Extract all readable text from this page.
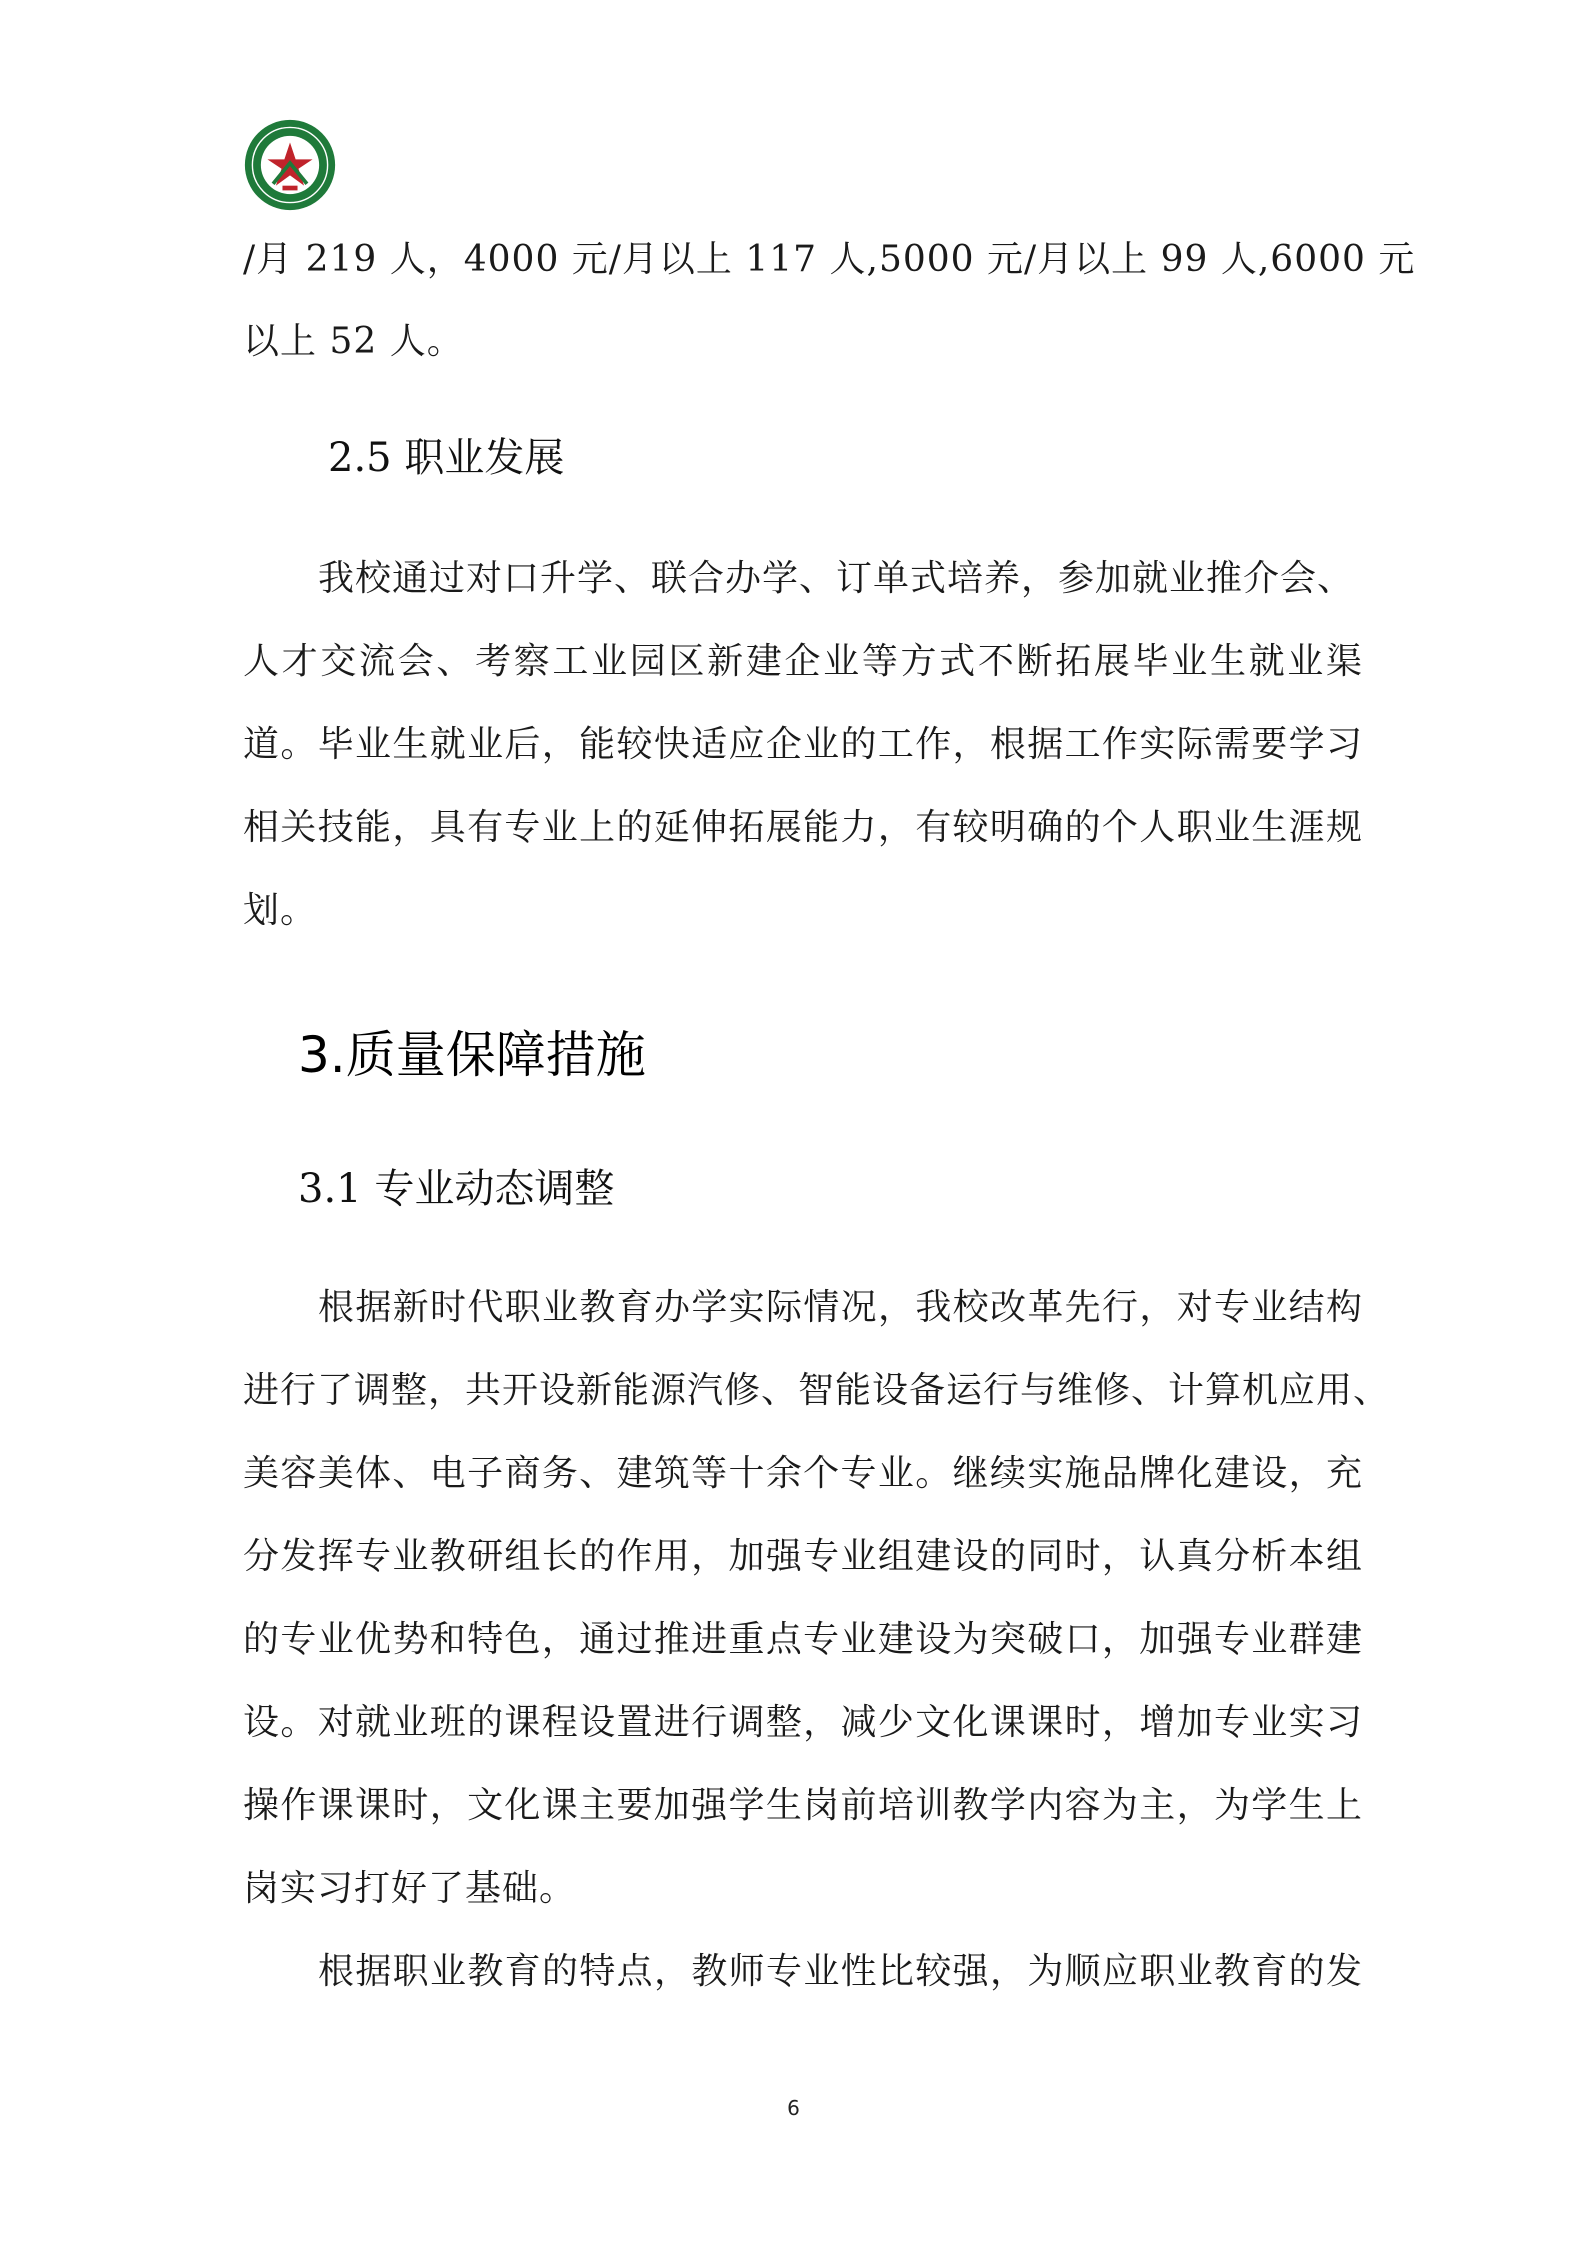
/月 219 人，4000 元/月以上 117 人,5000 元/月以上 99 人,6000 元
以上 52 人。
2.5 职业发展
我校通过对口升学、联合办学、订单式培养，参加就业推介会、
人才交流会、考察工业园区新建企业等方式不断拓展毕业生就业渠
道。毕业生就业后，能较快适应企业的工作，根据工作实际需要学习
相关技能，具有专业上的延伸拓展能力，有较明确的个人职业生涯规
划。
3.质量保障措施
3.1 专业动态调整
根据新时代职业教育办学实际情况，我校改革先行，对专业结构
进行了调整，共开设新能源汽修、智能设备运行与维修、计算机应用、
美容美体、电子商务、建筑等十余个专业。继续实施品牌化建设，充
分发挥专业教研组长的作用，加强专业组建设的同时，认真分析本组
的专业优势和特色，通过推进重点专业建设为突破口，加强专业群建
设。对就业班的课程设置进行调整，减少文化课课时，增加专业实习
操作课课时，文化课主要加强学生岗前培训教学内容为主，为学生上
岗实习打好了基础。
根据职业教育的特点，教师专业性比较强，为顺应职业教育的发
6
